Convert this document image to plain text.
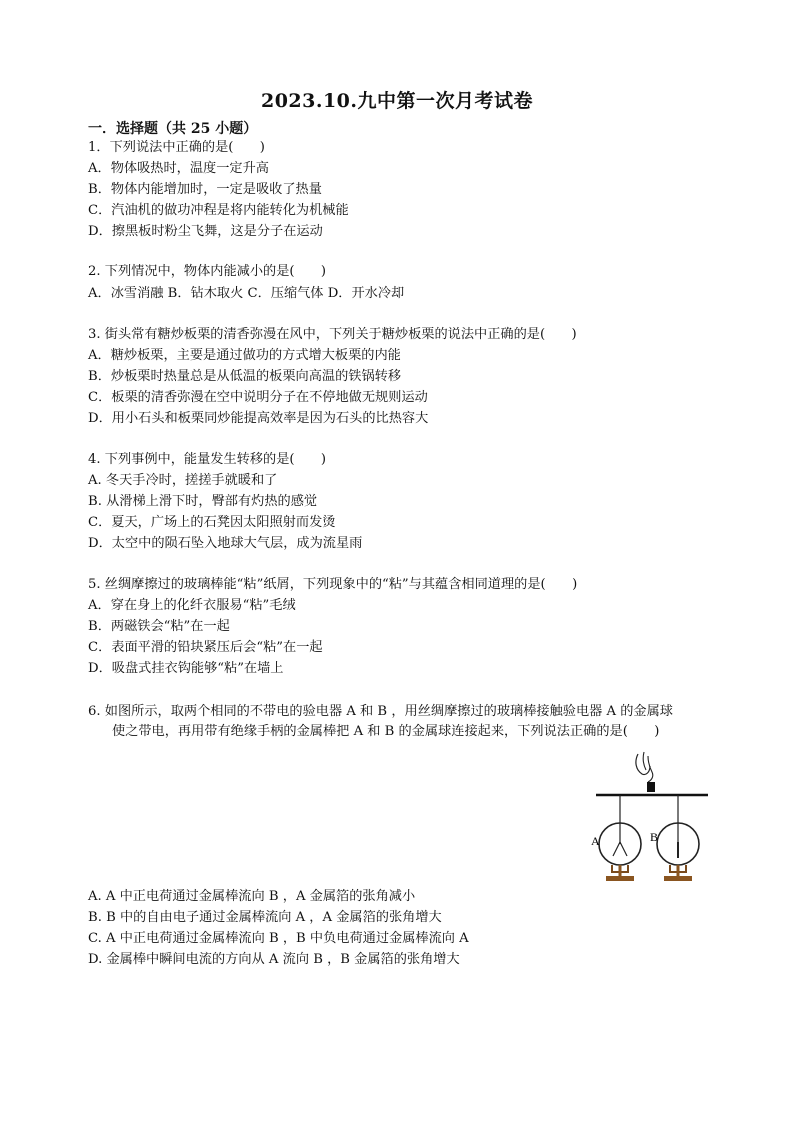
2023.10.九中第一次月考试卷
一．选择题（共 25 小题）
1．下列说法中正确的是(　　)
A．物体吸热时，温度一定升高
B．物体内能增加时，一定是吸收了热量
C．汽油机的做功冲程是将内能转化为机械能
D．擦黑板时粉尘飞舞，这是分子在运动
2. 下列情况中，物体内能减小的是(　　)
A．冰雪消融 B．钻木取火 C．压缩气体 D．开水冷却
3. 街头常有糖炒板栗的清香弥漫在风中，下列关于糖炒板栗的说法中正确的是(　　)
A．糖炒板栗，主要是通过做功的方式增大板栗的内能
B．炒板栗时热量总是从低温的板栗向高温的铁锅转移
C．板栗的清香弥漫在空中说明分子在不停地做无规则运动
D．用小石头和板栗同炒能提高效率是因为石头的比热容大
4. 下列事例中，能量发生转移的是(　　)
A. 冬天手冷时，搓搓手就暖和了
B. 从滑梯上滑下时，臀部有灼热的感觉
C．夏天，广场上的石凳因太阳照射而发烫
D．太空中的陨石坠入地球大气层，成为流星雨
5. 丝绸摩擦过的玻璃棒能“粘”纸屑，下列现象中的“粘”与其蕴含相同道理的是(　　)
A．穿在身上的化纤衣服易“粘”毛绒
B．两磁铁会“粘”在一起
C．表面平滑的铅块紧压后会“粘”在一起
D．吸盘式挂衣钩能够“粘”在墙上
6. 如图所示，取两个相同的不带电的验电器 A 和 B ，用丝绸摩擦过的玻璃棒接触验电器 A 的金属球
使之带电，再用带有绝缘手柄的金属棒把 A 和 B 的金属球连接起来，下列说法正确的是(　　)
A	B
A. A 中正电荷通过金属棒流向 B ，A 金属箔的张角减小
B. B 中的自由电子通过金属棒流向 A ，A 金属箔的张角增大
C. A 中正电荷通过金属棒流向 B ，B 中负电荷通过金属棒流向 A
D. 金属棒中瞬间电流的方向从 A 流向 B ，B 金属箔的张角增大
